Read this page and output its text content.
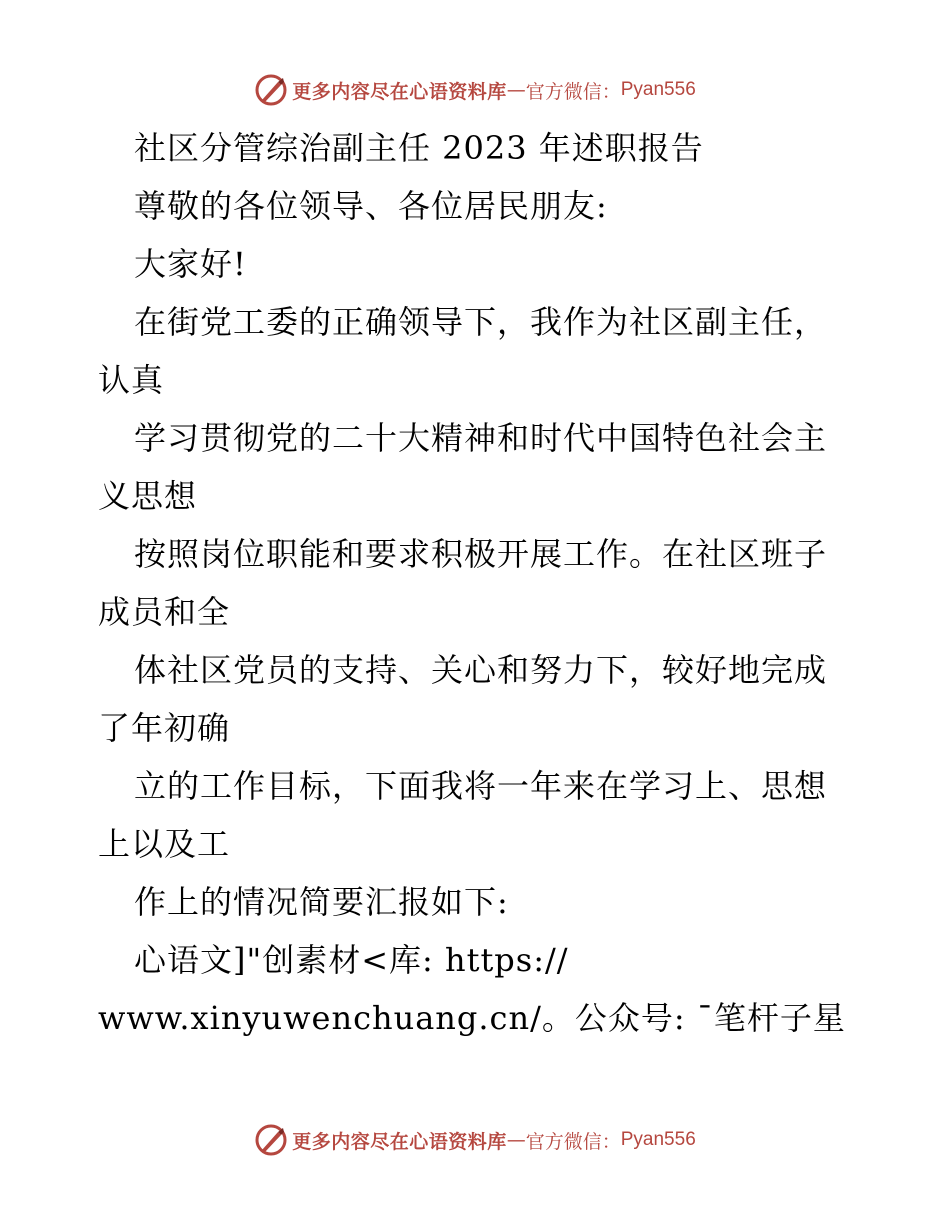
更多内容尽在心语资料库 — 官方微信： Pyan556
社区分管综治副主任 2023 年述职报告
尊敬的各位领导、各位居民朋友:
大家好!
在街党工委的正确领导下，我作为社区副主任，
认真
学习贯彻党的二十大精神和时代中国特色社会主
义思想
按照岗位职能和要求积极开展工作。在社区班子
成员和全
体社区党员的支持、关心和努力下，较好地完成
了年初确
立的工作目标，下面我将一年来在学习上、思想
上以及工
作上的情况简要汇报如下:
心语文]"创素材<库: https://
www.xinyuwenchuang.cn/。公众号: ¯笔杆子星
更多内容尽在心语资料库 — 官方微信： Pyan556
